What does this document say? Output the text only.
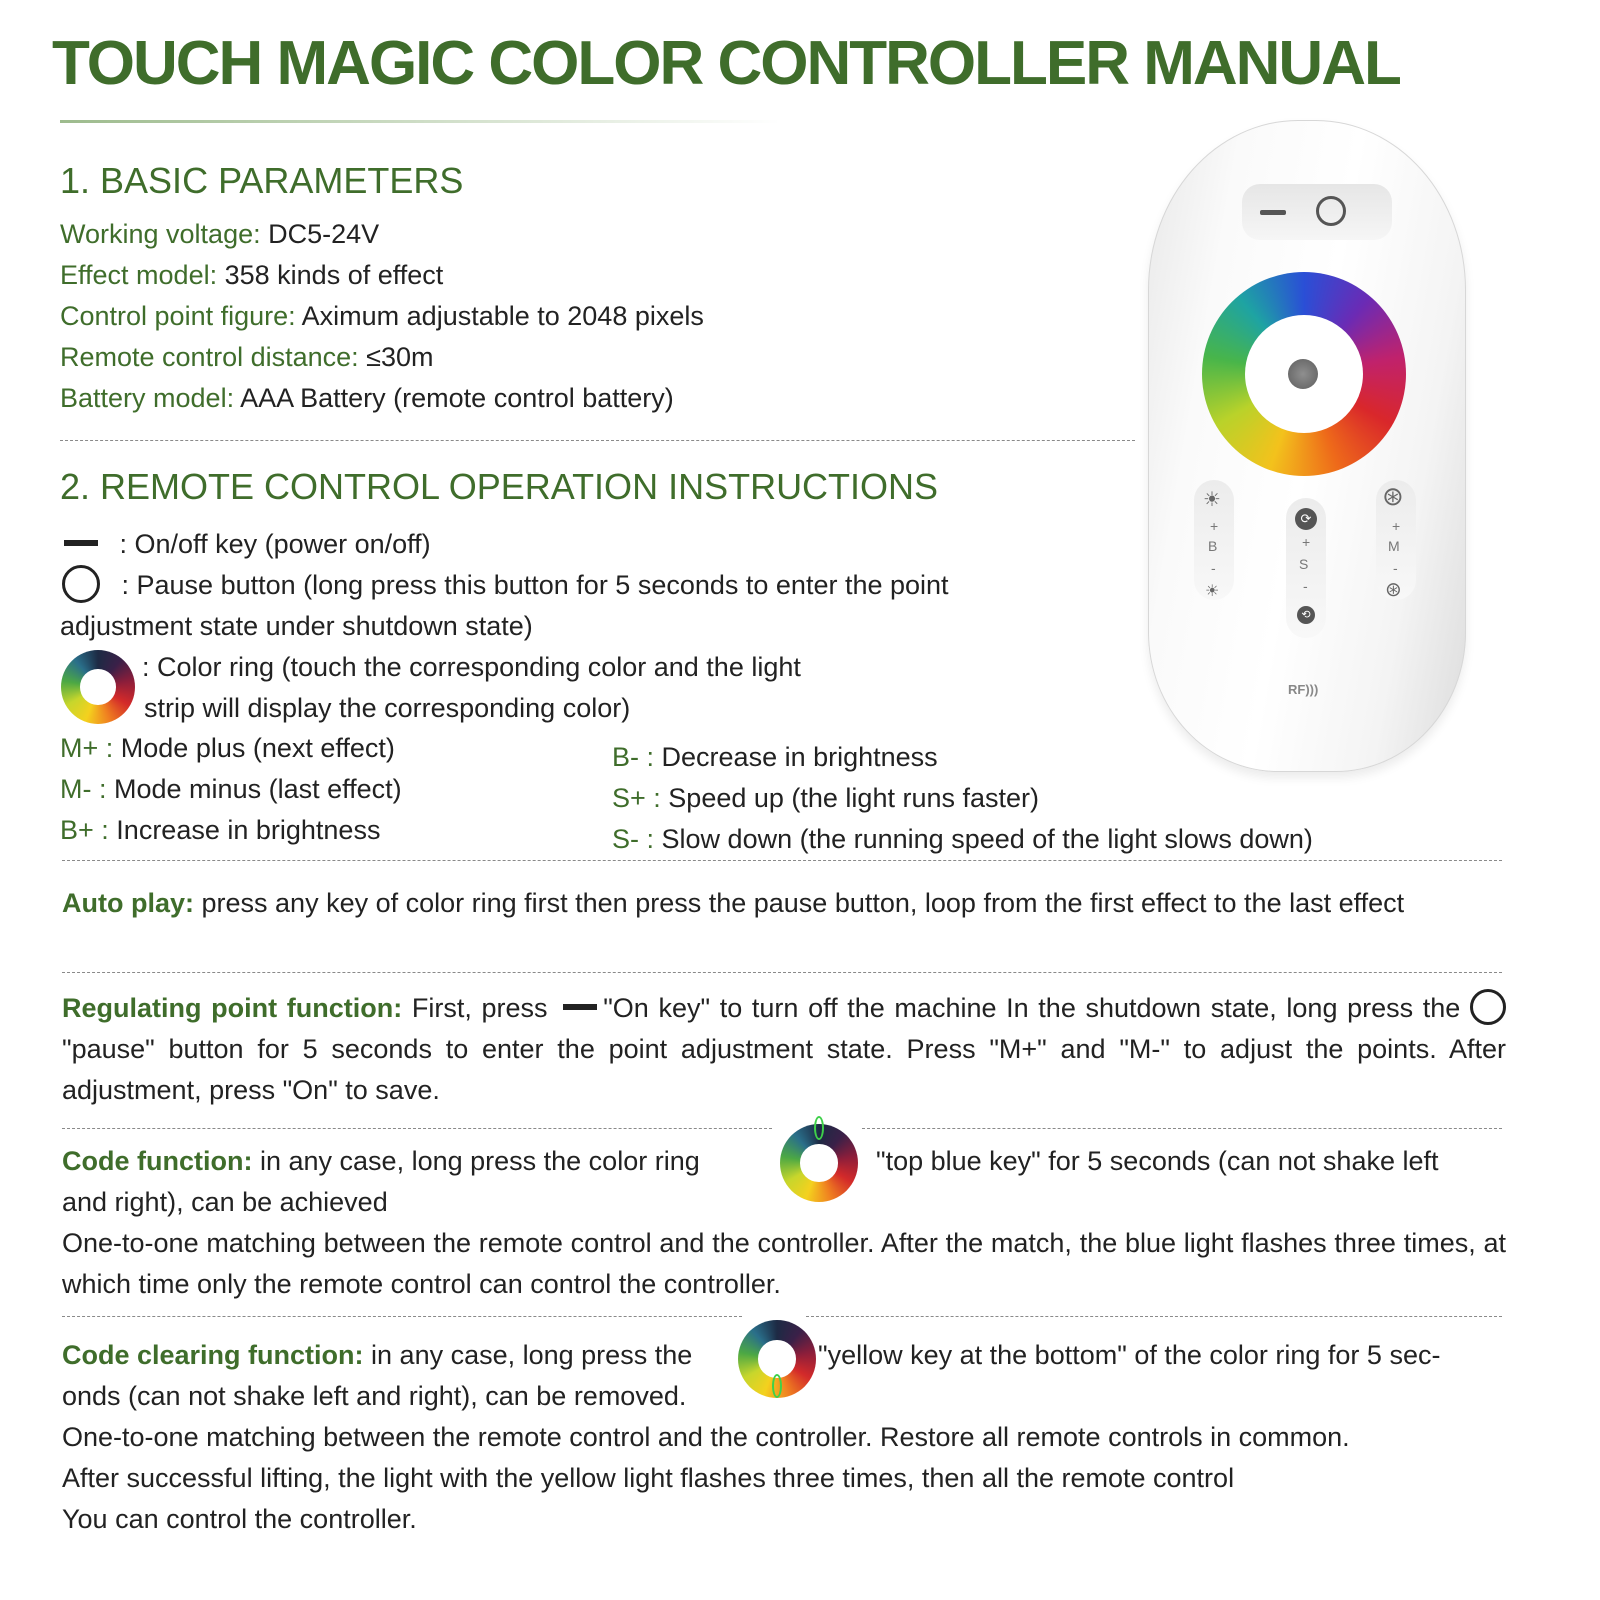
TOUCH MAGIC COLOR CONTROLLER MANUAL
1. BASIC PARAMETERS
Working voltage: DC5-24V
Effect model: 358 kinds of effect
Control point figure: Aximum adjustable to 2048 pixels
Remote control distance: ≤30m
Battery model: AAA Battery (remote control battery)
2. REMOTE CONTROL OPERATION INSTRUCTIONS
: On/off key (power on/off)
: Pause button (long press this button for 5 seconds to enter the point
adjustment state under shutdown state)
: Color ring (touch the corresponding color and the light
strip will display the corresponding color)
M+ : Mode plus (next effect)
M- : Mode minus (last effect)
B+ : Increase in brightness
B- : Decrease in brightness
S+ : Speed up (the light runs faster)
S- : Slow down (the running speed of the light slows down)
Auto play: press any key of color ring first then press the pause button, loop from the first effect to the last effect
Regulating point function: First, press "On key" to turn off the machine In the shutdown state, long press the "pause" button for 5 seconds to enter the point adjustment state. Press "M+" and "M-" to adjust the points. After adjustment, press "On" to save.
Code function: in any case, long press the color ring	"top blue key" for 5 seconds (can not shake left
and right), can be achieved
One-to-one matching between the remote control and the controller. After the match, the blue light flashes three times, at which time only the remote control can control the controller.
Code clearing function: in any case, long press the	"yellow key at the bottom" of the color ring for 5 sec-
onds (can not shake left and right), can be removed.
One-to-one matching between the remote control and the controller. Restore all remote controls in common.
After successful lifting, the light with the yellow light flashes three times, then all the remote control
You can control the controller.
☀
+
B
-
☀
⟳
+
S
-
⟲
⊛
+
M
-
⊛
RF)))
